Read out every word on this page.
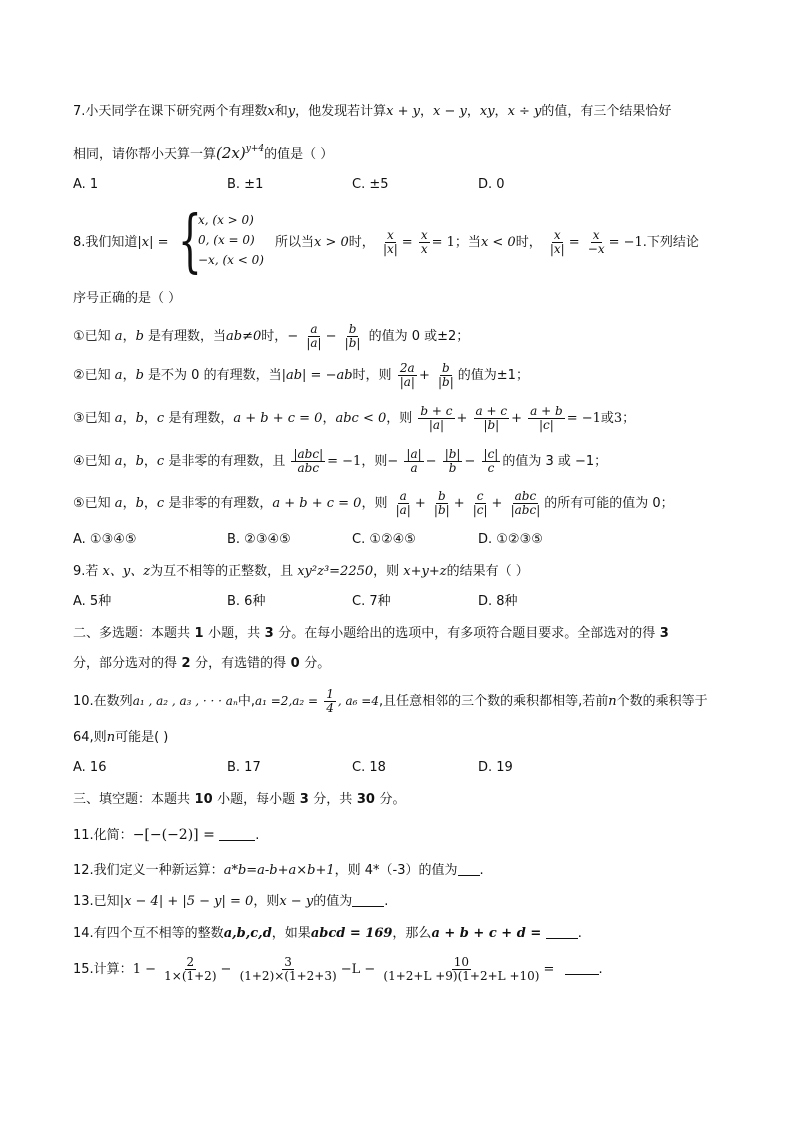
7.小天同学在课下研究两个有理数x和y，他发现若计算x + y，x − y，xy，x ÷ y的值，有三个结果恰好
相同，请你帮小天算一算$(2x)^{y+4}$的值是（ ）
A. 1	B. ±1	C. ±5	D. 0
8.我们知道|x| = {
x, (x > 0)
0, (x = 0)
−x, (x < 0)
所以当x > 0时， $\frac{x}{|x|} = \frac{x}{x} = 1$；当x < 0时， $\frac{x}{|x|} = \frac{x}{-x} = -1$.下列结论
序号正确的是（ ）
①已知 a，b 是有理数，当ab≠0时，− $\frac{a}{|a|} - \frac{b}{|b|}$ 的值为 0 或±2；
②已知 a，b 是不为 0 的有理数，当|ab| = −ab时，则 $\frac{2a}{|a|} + \frac{b}{|b|}$ 的值为±1；
③已知 a，b，c 是有理数，a + b + c = 0，abc < 0，则 $\frac{b + c}{|a|} + \frac{a + c}{|b|} + \frac{a + b}{|c|} = -1$或3；
④已知 a，b，c 是非零的有理数，且 |abc|
abc = −1，则− $\frac{|a|}{a} - \frac{|b|}{b} - \frac{|c|}{c}$ 的值为 3 或 −1；
⑤已知 a，b，c 是非零的有理数，a + b + c = 0，则 $\frac{a}{|a|} + \frac{b}{|b|} + \frac{c}{|c|}$ + abc
|abc| 的所有可能的值为 0；
A. ①③④⑤	B. ②③④⑤	C. ①②④⑤	D. ①②③⑤
9.若 x、y、z为互不相等的正整数，且 xy²z³=2250，则 x+y+z的结果有（ ）
A. 5种	B. 6种	C. 7种	D. 8种
二、多选题：本题共 1 小题，共 3 分。在每小题给出的选项中，有多项符合题目要求。全部选对的得 3
分，部分选对的得 2 分，有选错的得 0 分。
10.在数列a₁ , a₂ , a₃ , · · · aₙ中$,a_1 =2,a_2 = \frac{1}{4}$ , a₆ =4,且任意相邻的三个数的乘积都相等,若前n个数的乘积等于
64,则n可能是( )
A. 16	B. 17	C. 18	D. 19
三、填空题：本题共 10 小题，每小题 3 分，共 30 分。
11.化简：−[−(−2)] =	.
12.我们定义一种新运算：a*b=a-b+a×b+1，则 4*（-3）的值为 .
13.已知|x − 4| + |5 − y| = 0，则x − y的值为 .
14.有四个互不相等的整数a,b,c,d，如果abcd = 169，那么a + b + c + d = .
15.计算：$1 - \frac{2}{1\times(1+2)} - \frac{3}{(1+2)\times(1+2+3)} -L - \frac{10}{(1+2+L +9)(1+2+L +10)}$ =	.
